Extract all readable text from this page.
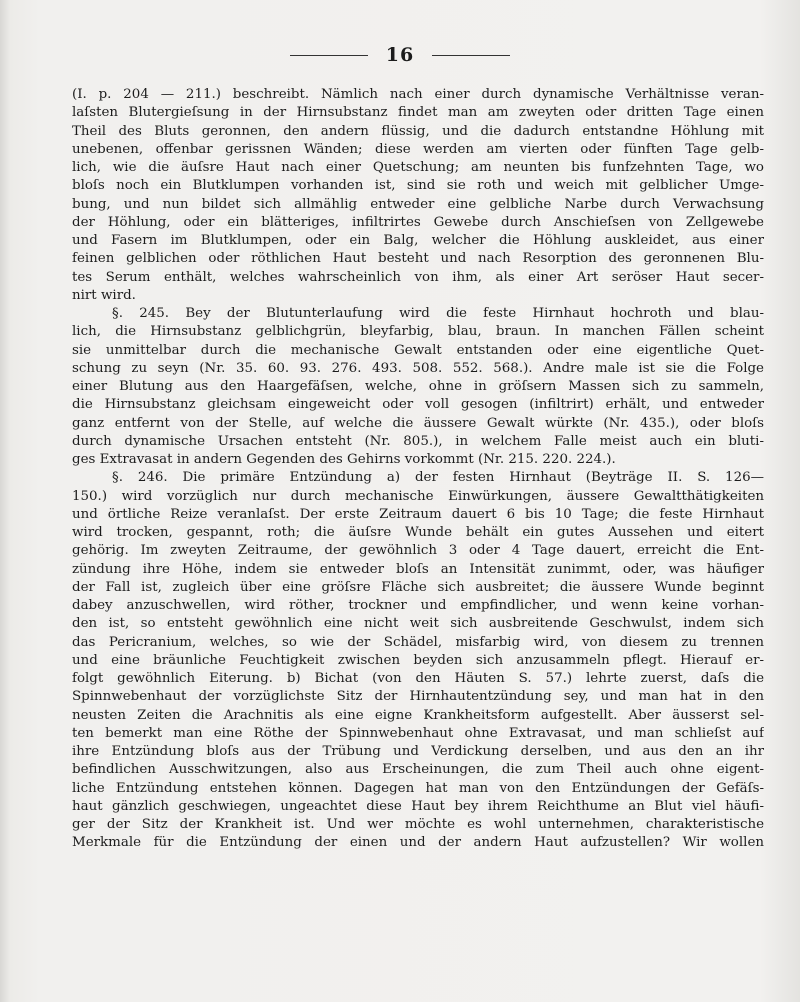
16
(I. p. 204 — 211.) beschreibt. Nämlich nach einer durch dynamische Verhältnisse veran-
laſsten Blutergieſsung in der Hirnsubstanz findet man am zweyten oder dritten Tage einen
Theil des Bluts geronnen, den andern flüssig, und die dadurch entstandne Höhlung mit
unebenen, offenbar gerissnen Wänden; diese werden am vierten oder fünften Tage gelb-
lich, wie die äuſsre Haut nach einer Quetschung; am neunten bis funfzehnten Tage, wo
bloſs noch ein Blutklumpen vorhanden ist, sind sie roth und weich mit gelblicher Umge-
bung, und nun bildet sich allmählig entweder eine gelbliche Narbe durch Verwachsung
der Höhlung, oder ein blätteriges, infiltrirtes Gewebe durch Anschieſsen von Zellgewebe
und Fasern im Blutklumpen, oder ein Balg, welcher die Höhlung auskleidet, aus einer
feinen gelblichen oder röthlichen Haut besteht und nach Resorption des geronnenen Blu-
tes Serum enthält, welches wahrscheinlich von ihm, als einer Art seröser Haut secer-
nirt wird.
§. 245. Bey der Blutunterlaufung wird die feste Hirnhaut hochroth und blau-
lich, die Hirnsubstanz gelblichgrün, bleyfarbig, blau, braun. In manchen Fällen scheint
sie unmittelbar durch die mechanische Gewalt entstanden oder eine eigentliche Quet-
schung zu seyn (Nr. 35. 60. 93. 276. 493. 508. 552. 568.). Andre male ist sie die Folge
einer Blutung aus den Haargefäſsen, welche, ohne in gröſsern Massen sich zu sammeln,
die Hirnsubstanz gleichsam eingeweicht oder voll gesogen (infiltrirt) erhält, und entweder
ganz entfernt von der Stelle, auf welche die äussere Gewalt würkte (Nr. 435.), oder bloſs
durch dynamische Ursachen entsteht (Nr. 805.), in welchem Falle meist auch ein bluti-
ges Extravasat in andern Gegenden des Gehirns vorkommt (Nr. 215. 220. 224.).
§. 246. Die primäre Entzündung a) der festen Hirnhaut (Beyträge II. S. 126—
150.) wird vorzüglich nur durch mechanische Einwürkungen, äussere Gewaltthätigkeiten
und örtliche Reize veranlaſst. Der erste Zeitraum dauert 6 bis 10 Tage; die feste Hirnhaut
wird trocken, gespannt, roth; die äuſsre Wunde behält ein gutes Aussehen und eitert
gehörig. Im zweyten Zeitraume, der gewöhnlich 3 oder 4 Tage dauert, erreicht die Ent-
zündung ihre Höhe, indem sie entweder bloſs an Intensität zunimmt, oder, was häufiger
der Fall ist, zugleich über eine gröſsre Fläche sich ausbreitet; die äussere Wunde beginnt
dabey anzuschwellen, wird röther, trockner und empfindlicher, und wenn keine vorhan-
den ist, so entsteht gewöhnlich eine nicht weit sich ausbreitende Geschwulst, indem sich
das Pericranium, welches, so wie der Schädel, misfarbig wird, von diesem zu trennen
und eine bräunliche Feuchtigkeit zwischen beyden sich anzusammeln pflegt. Hierauf er-
folgt gewöhnlich Eiterung. b) Bichat (von den Häuten S. 57.) lehrte zuerst, daſs die
Spinnwebenhaut der vorzüglichste Sitz der Hirnhautentzündung sey, und man hat in den
neusten Zeiten die Arachnitis als eine eigne Krankheitsform aufgestellt. Aber äusserst sel-
ten bemerkt man eine Röthe der Spinnwebenhaut ohne Extravasat, und man schlieſst auf
ihre Entzündung bloſs aus der Trübung und Verdickung derselben, und aus den an ihr
befindlichen Ausschwitzungen, also aus Erscheinungen, die zum Theil auch ohne eigent-
liche Entzündung entstehen können. Dagegen hat man von den Entzündungen der Gefäſs-
haut gänzlich geschwiegen, ungeachtet diese Haut bey ihrem Reichthume an Blut viel häufi-
ger der Sitz der Krankheit ist. Und wer möchte es wohl unternehmen, charakteristische
Merkmale für die Entzündung der einen und der andern Haut aufzustellen? Wir wollen
